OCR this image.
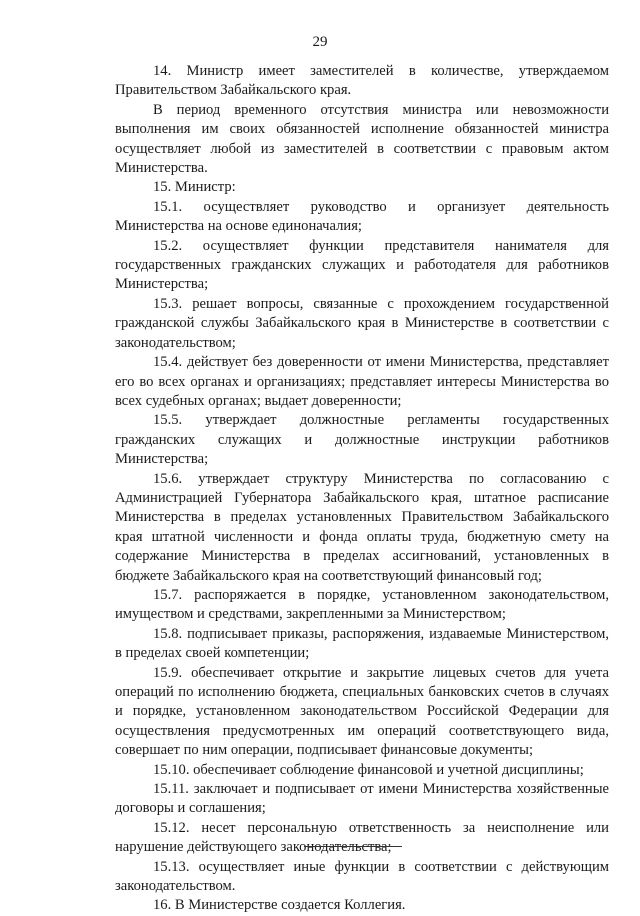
29

14. Министр имеет заместителей в количестве, утверждаемом Правительством Забайкальского края.

В период временного отсутствия министра или невозможности выполнения им своих обязанностей исполнение обязанностей министра осуществляет любой из заместителей в соответствии с правовым актом Министерства.

15. Министр:

15.1. осуществляет руководство и организует деятельность Министерства на основе единоначалия;

15.2. осуществляет функции представителя нанимателя для государственных гражданских служащих и работодателя для работников Министерства;

15.3. решает вопросы, связанные с прохождением государственной гражданской службы Забайкальского края в Министерстве в соответствии с законодательством;

15.4. действует без доверенности от имени Министерства, представляет его во всех органах и организациях; представляет интересы Министерства во всех судебных органах; выдает доверенности;

15.5. утверждает должностные регламенты государственных гражданских служащих и должностные инструкции работников Министерства;

15.6. утверждает структуру Министерства по согласованию с Администрацией Губернатора Забайкальского края, штатное расписание Министерства в пределах установленных Правительством Забайкальского края штатной численности и фонда оплаты труда, бюджетную смету на содержание Министерства в пределах ассигнований, установленных в бюджете Забайкальского края на соответствующий финансовый год;

15.7. распоряжается в порядке, установленном законодательством, имуществом и средствами, закрепленными за Министерством;

15.8. подписывает приказы, распоряжения, издаваемые Министерством, в пределах своей компетенции;

15.9. обеспечивает открытие и закрытие лицевых счетов для учета операций по исполнению бюджета, специальных банковских счетов в случаях и порядке, установленном законодательством Российской Федерации для осуществления предусмотренных им операций соответствующего вида, совершает по ним операции, подписывает финансовые документы;

15.10. обеспечивает соблюдение финансовой и учетной дисциплины;

15.11. заключает и подписывает от имени Министерства хозяйственные договоры и соглашения;

15.12. несет персональную ответственность за неисполнение или нарушение действующего законодательства;

15.13. осуществляет иные функции в соответствии с действующим законодательством.

16. В Министерстве создается Коллегия.
